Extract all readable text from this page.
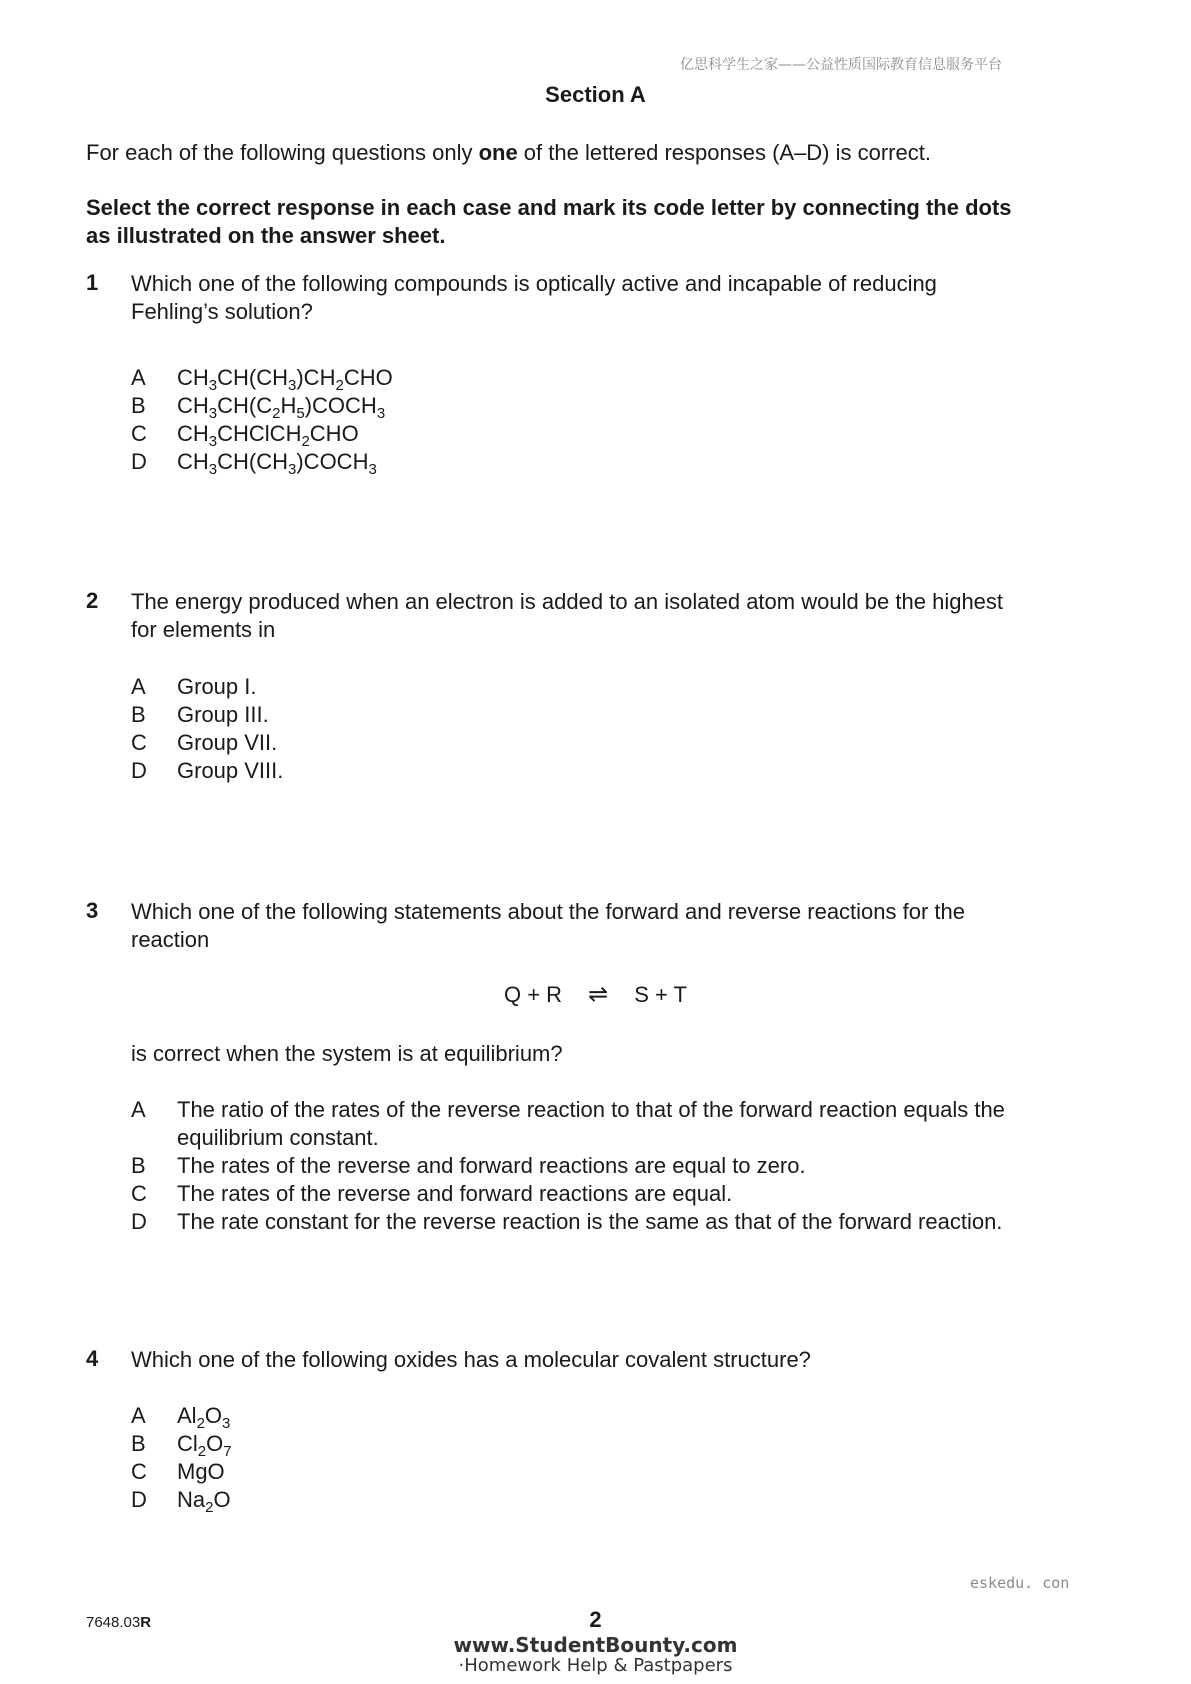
亿思科学生之家——公益性质国际教育信息服务平台
Section A
For each of the following questions only one of the lettered responses (A–D) is correct.
Select the correct response in each case and mark its code letter by connecting the dots
as illustrated on the answer sheet.
1 Which one of the following compounds is optically active and incapable of reducing
Fehling’s solution?
A	$CH_3CH(CH_3)CH_2CHO$
B	$CH_3CH(C_2H_5)COCH_3$
C	$CH_3CHClCH_2CHO$
D	$CH_3CH(CH_3)COCH_3$
2 The energy produced when an electron is added to an isolated atom would be the highest
for elements in
A	Group I.
B	Group III.
C	Group VII.
D	Group VIII.
3 Which one of the following statements about the forward and reverse reactions for the
reaction
Q + R ⇌ S + T
is correct when the system is at equilibrium?
A	The ratio of the rates of the reverse reaction to that of the forward reaction equals the
equilibrium constant.
B	The rates of the reverse and forward reactions are equal to zero.
C	The rates of the reverse and forward reactions are equal.
D	The rate constant for the reverse reaction is the same as that of the forward reaction.
4 Which one of the following oxides has a molecular covalent structure?
A	$Al_2O_3$
B	$Cl_2O_7$
C	MgO
D	$Na_2O$
eskedu. con
7648.03R	2
www.StudentBounty.com
·Homework Help & Pastpapers
